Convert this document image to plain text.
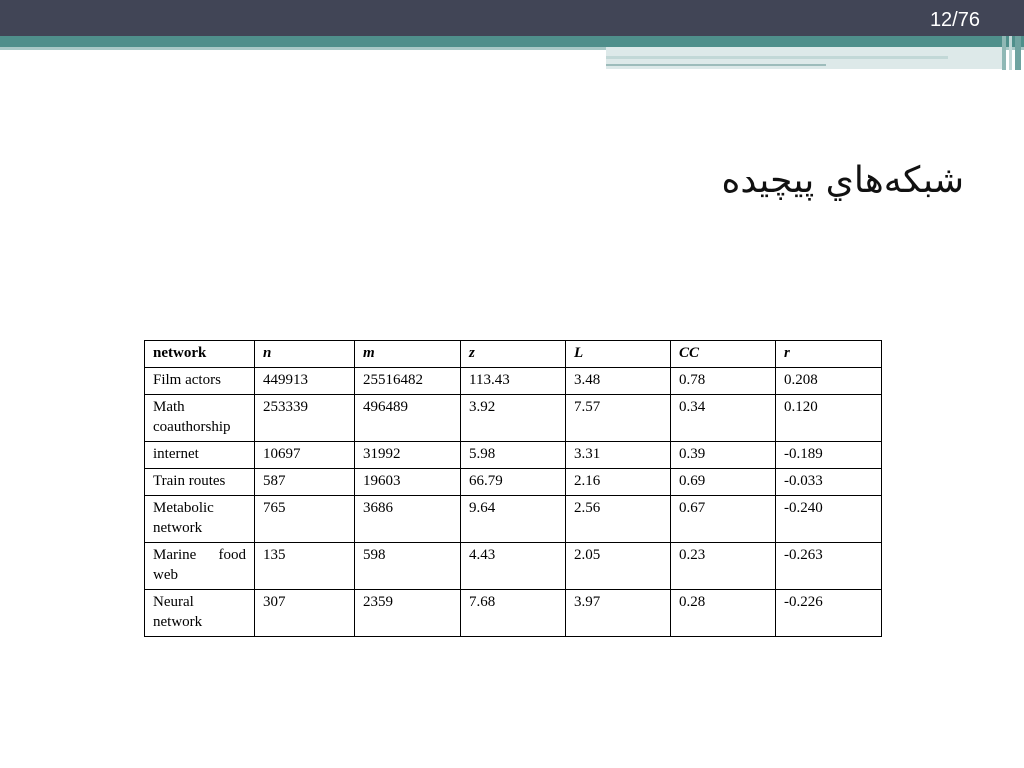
12/76
شبکه‌هاي پيچيده
network	n	m	z	L	CC	r
Film actors	449913	25516482	113.43	3.48	0.78	0.208
Math coauthorship	253339	496489	3.92	7.57	0.34	0.120
internet	10697	31992	5.98	3.31	0.39	-0.189
Train routes	587	19603	66.79	2.16	0.69	-0.033
Metabolic network	765	3686	9.64	2.56	0.67	-0.240
Marine food web	135	598	4.43	2.05	0.23	-0.263
Neural network	307	2359	7.68	3.97	0.28	-0.226
